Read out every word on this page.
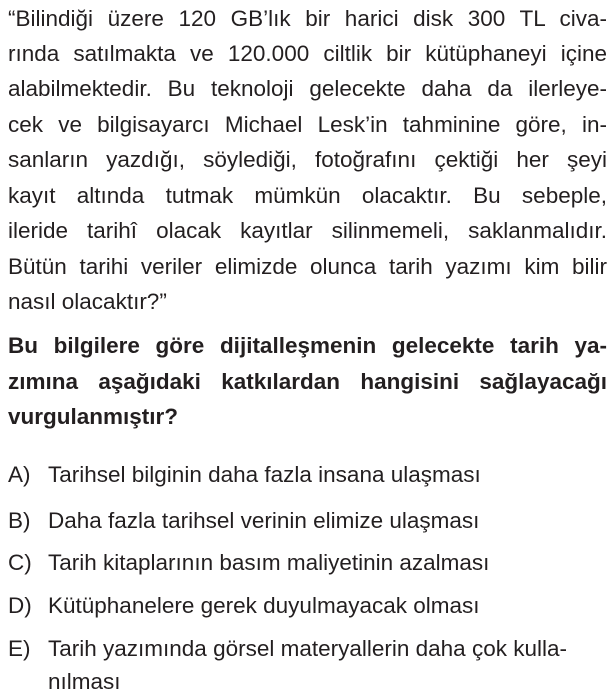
“Bilindiği üzere 120 GB’lık bir harici disk 300 TL civa-
rında satılmakta ve 120.000 ciltlik bir kütüphaneyi içine
alabilmektedir. Bu teknoloji gelecekte daha da ilerleye-
cek ve bilgisayarcı Michael Lesk’in tahminine göre, in-
sanların yazdığı, söylediği, fotoğrafını çektiği her şeyi
kayıt altında tutmak mümkün olacaktır. Bu sebeple,
ileride tarihî olacak kayıtlar silinmemeli, saklanmalıdır.
Bütün tarihi veriler elimizde olunca tarih yazımı kim bilir
nasıl olacaktır?”
Bu bilgilere göre dijitalleşmenin gelecekte tarih ya-
zımına aşağıdaki katkılardan hangisini sağlayacağı
vurgulanmıştır?
A) Tarihsel bilginin daha fazla insana ulaşması
B) Daha fazla tarihsel verinin elimize ulaşması
C) Tarih kitaplarının basım maliyetinin azalması
D) Kütüphanelere gerek duyulmayacak olması
E) Tarih yazımında görsel materyallerin daha çok kulla-
nılması
